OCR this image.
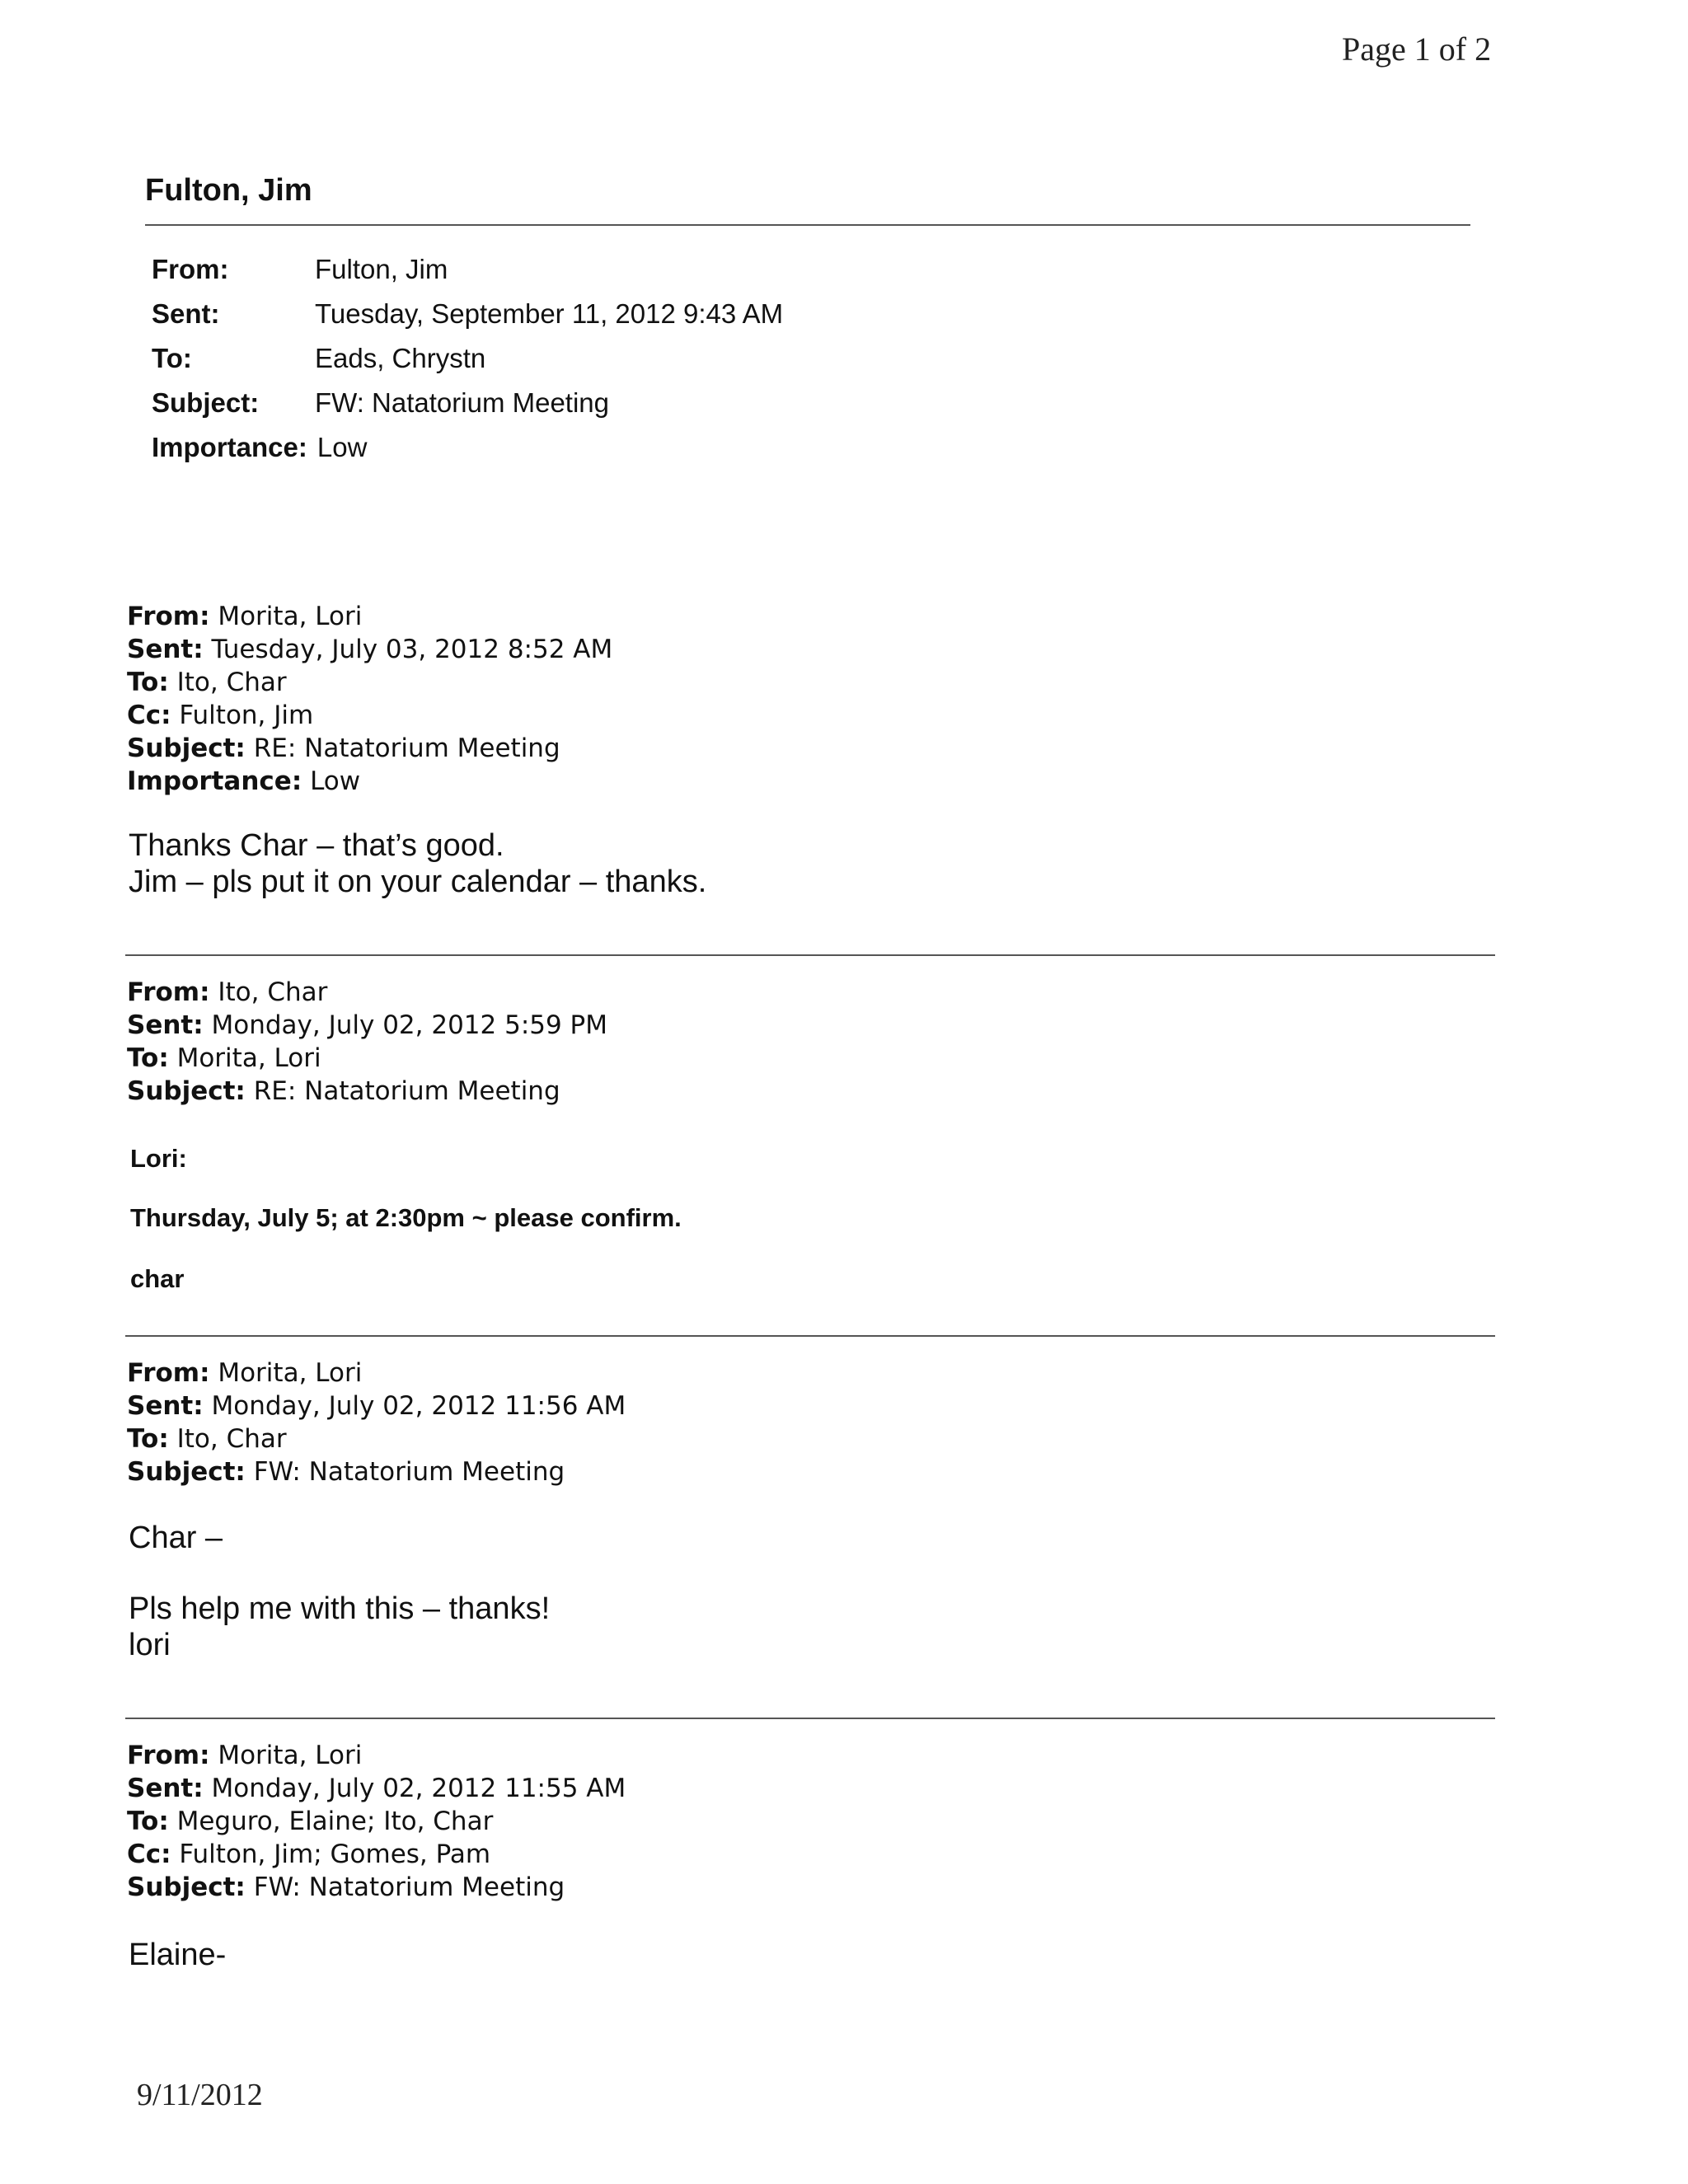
Page 1 of 2
Fulton, Jim
From:	Fulton, Jim
Sent:	Tuesday, September 11, 2012 9:43 AM
To:	Eads, Chrystn
Subject:	FW: Natatorium Meeting
Importance: Low
From: Morita, Lori
Sent: Tuesday, July 03, 2012 8:52 AM
To: Ito, Char
Cc: Fulton, Jim
Subject: RE: Natatorium Meeting
Importance: Low
Thanks Char – that’s good.
Jim – pls put it on your calendar – thanks.
From: Ito, Char
Sent: Monday, July 02, 2012 5:59 PM
To: Morita, Lori
Subject: RE: Natatorium Meeting
Lori:
Thursday, July 5; at 2:30pm ~ please confirm.
char
From: Morita, Lori
Sent: Monday, July 02, 2012 11:56 AM
To: Ito, Char
Subject: FW: Natatorium Meeting
Char –
Pls help me with this – thanks!
lori
From: Morita, Lori
Sent: Monday, July 02, 2012 11:55 AM
To: Meguro, Elaine; Ito, Char
Cc: Fulton, Jim; Gomes, Pam
Subject: FW: Natatorium Meeting
Elaine-
9/11/2012
